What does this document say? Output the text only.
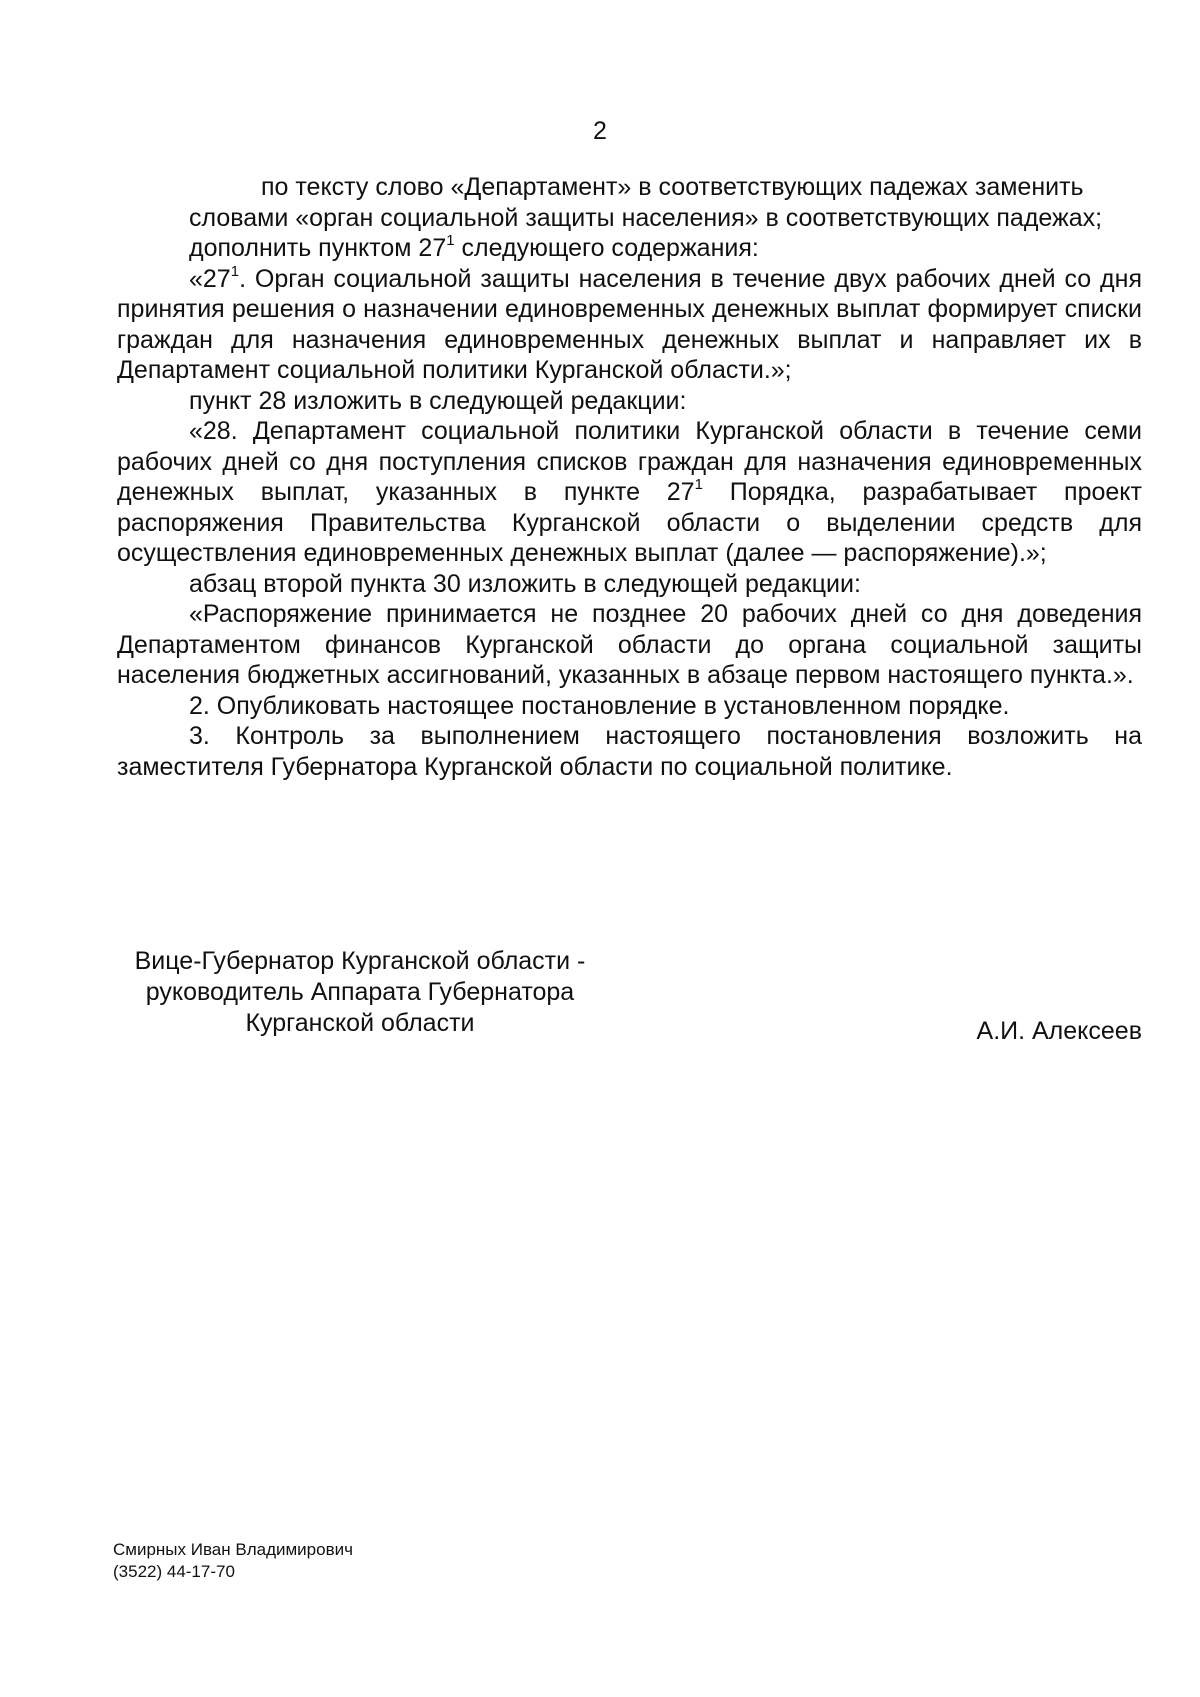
2

по тексту слово «Департамент» в соответствующих падежах заменить
словами «орган социальной защиты населения» в соответствующих падежах;

дополнить пунктом $27^1$ следующего содержания:

«$27^1$. Орган социальной защиты населения в течение двух рабочих дней со дня принятия решения о назначении единовременных денежных выплат формирует списки граждан для назначения единовременных денежных выплат и направляет их в Департамент социальной политики Курганской области.»;

пункт 28 изложить в следующей редакции:

«28. Департамент социальной политики Курганской области в течение семи рабочих дней со дня поступления списков граждан для назначения единовременных денежных выплат, указанных в пункте $27^1$ Порядка, разрабатывает проект распоряжения Правительства Курганской области о выделении средств для осуществления единовременных денежных выплат (далее — распоряжение).»;

абзац второй пункта 30 изложить в следующей редакции:

«Распоряжение принимается не позднее 20 рабочих дней со дня доведения Департаментом финансов Курганской области до органа социальной защиты населения бюджетных ассигнований, указанных в абзаце первом настоящего пункта.».

2. Опубликовать настоящее постановление в установленном порядке.

3. Контроль за выполнением настоящего постановления возложить на заместителя Губернатора Курганской области по социальной политике.

Вице-Губернатор Курганской области -
руководитель Аппарата Губернатора
Курганской области	А.И. Алексеев
Смирных Иван Владимирович
(3522) 44-17-70
